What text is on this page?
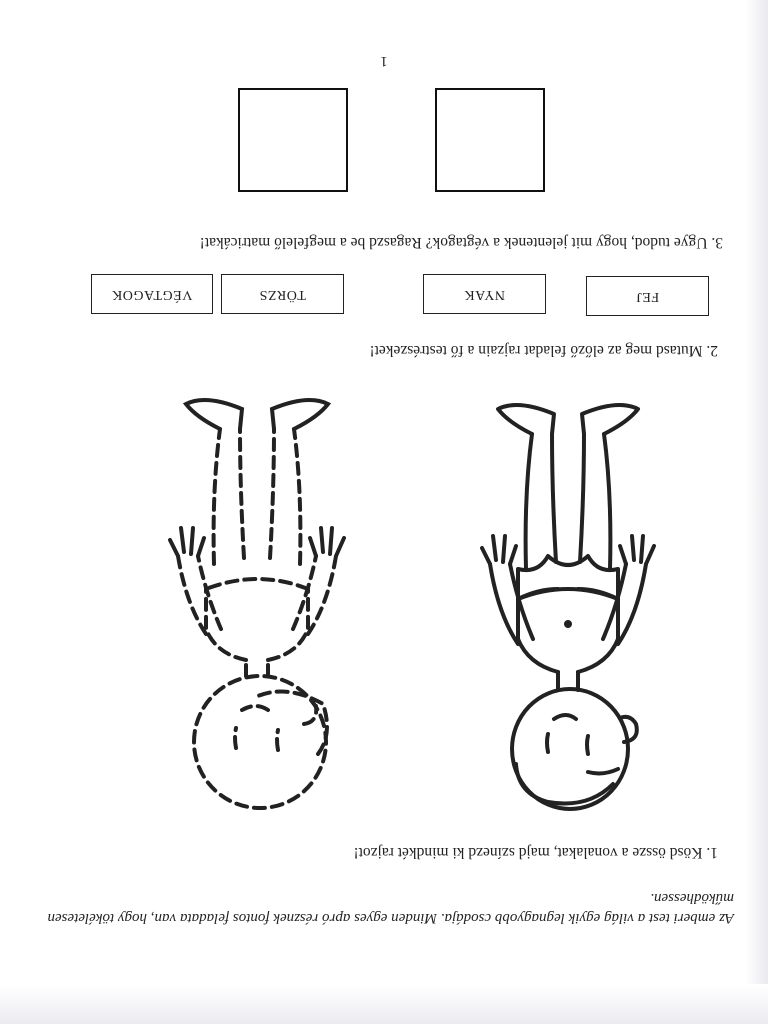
Az emberi test a világ egyik legnagyobb csodája. Minden egyes apró résznek fontos feladata van, hogy tökéletesen működhessen.
1. Kösd össze a vonalakat, majd színezd ki mindkét rajzot!
2. Mutasd meg az előző feladat rajzain a fő testrészeket!
FEJ
NYAK
TÖRZS
VÉGTAGOK
3. Ugye tudod, hogy mit jelentenek a végtagok? Ragaszd be a megfelelő matricákat!
1
